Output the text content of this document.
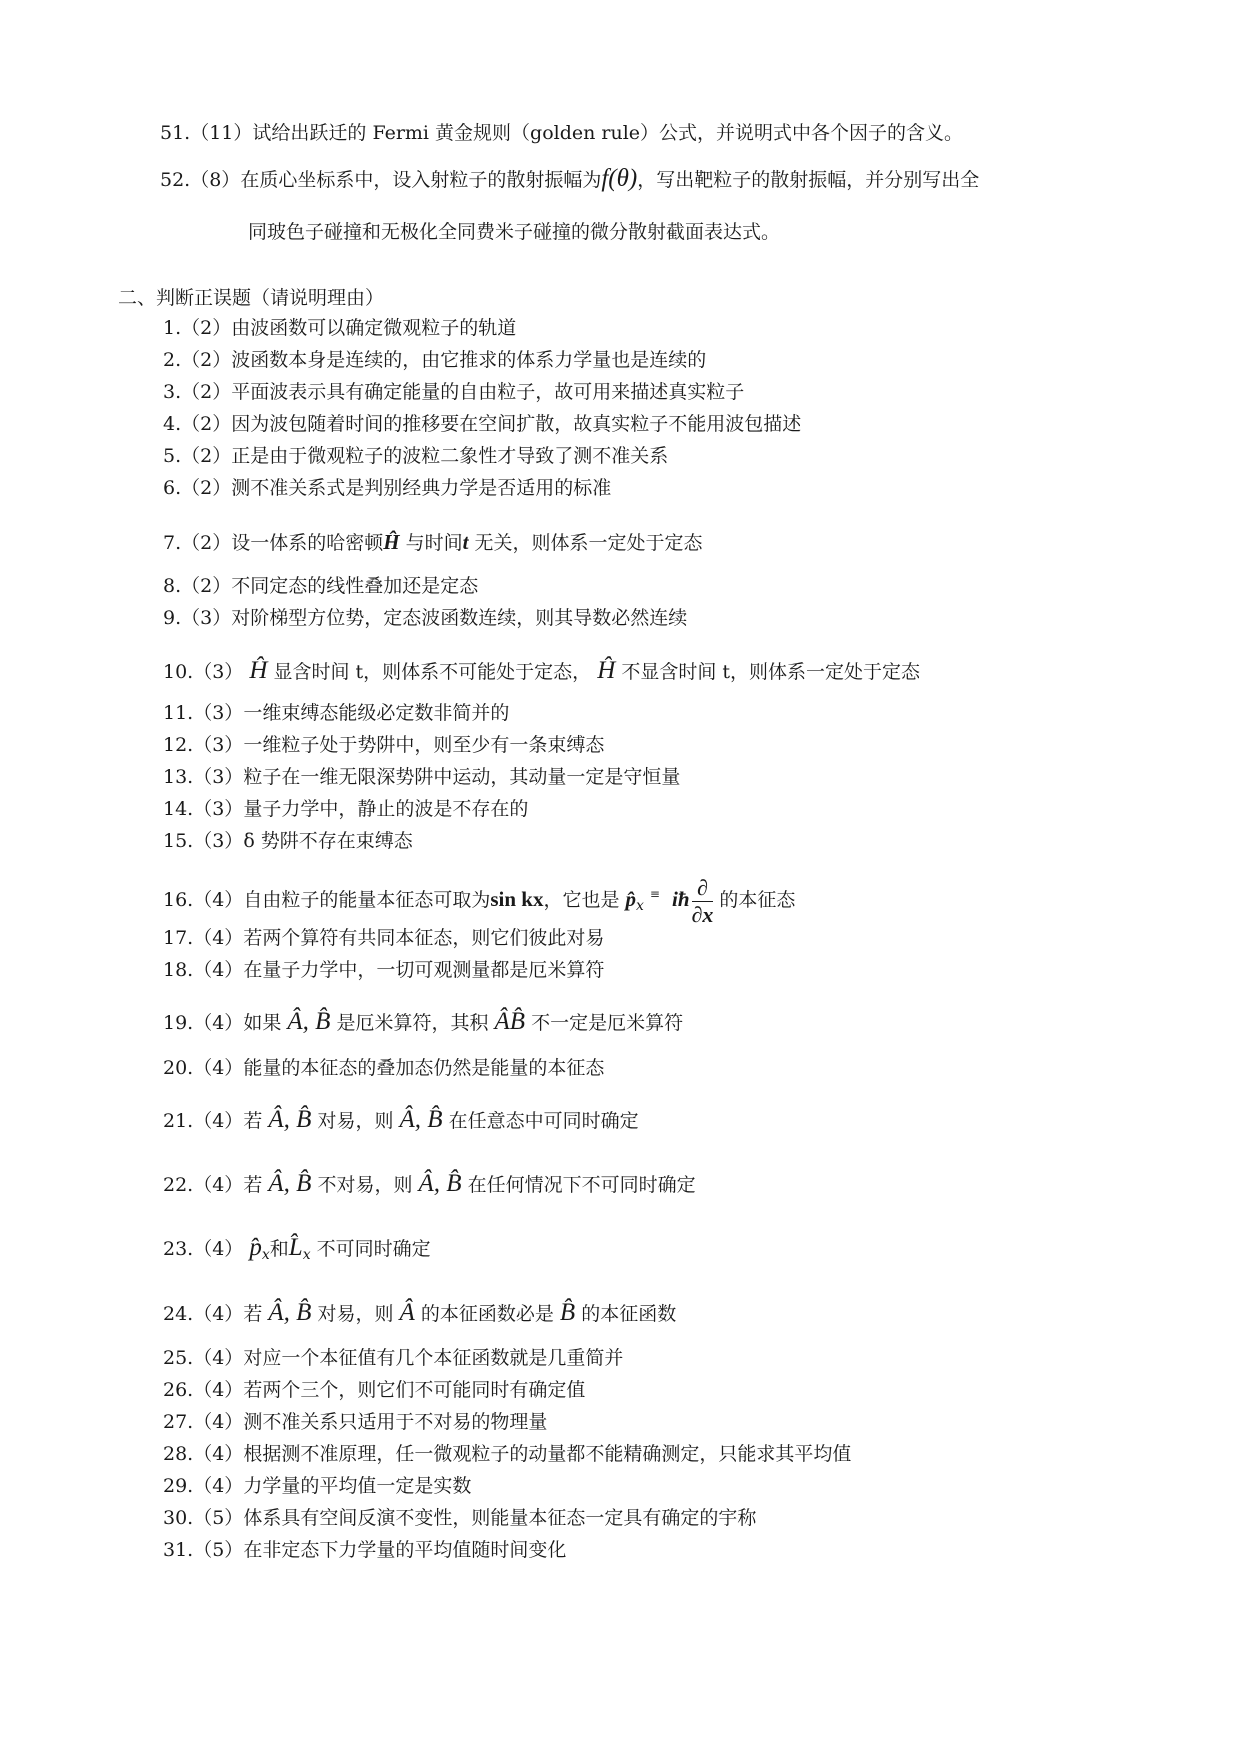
51.（11）试给出跃迁的 Fermi 黄金规则（golden rule）公式，并说明式中各个因子的含义。
52.（8）在质心坐标系中，设入射粒子的散射振幅为f(θ)，写出靶粒子的散射振幅，并分别写出全
同玻色子碰撞和无极化全同费米子碰撞的微分散射截面表达式。
二、判断正误题（请说明理由）
1.（2）由波函数可以确定微观粒子的轨道
2.（2）波函数本身是连续的，由它推求的体系力学量也是连续的
3.（2）平面波表示具有确定能量的自由粒子，故可用来描述真实粒子
4.（2）因为波包随着时间的推移要在空间扩散，故真实粒子不能用波包描述
5.（2）正是由于微观粒子的波粒二象性才导致了测不准关系
6.（2）测不准关系式是判别经典力学是否适用的标准
7.（2）设一体系的哈密顿Ĥ 与时间t 无关，则体系一定处于定态
8.（2）不同定态的线性叠加还是定态
9.（3）对阶梯型方位势，定态波函数连续，则其导数必然连续
10.（3） Ĥ 显含时间 t，则体系不可能处于定态， Ĥ 不显含时间 t，则体系一定处于定态
11.（3）一维束缚态能级必定数非简并的
12.（3）一维粒子处于势阱中，则至少有一条束缚态
13.（3）粒子在一维无限深势阱中运动，其动量一定是守恒量
14.（3）量子力学中，静止的波是不存在的
15.（3）δ 势阱不存在束缚态
16.（4）自由粒子的能量本征态可取为sin kx，它也是 $p̂_x^\equiv$ iħ $\frac{\partial}{\partial x}$ 的本征态
17.（4）若两个算符有共同本征态，则它们彼此对易
18.（4）在量子力学中，一切可观测量都是厄米算符
19.（4）如果 Â, B̂ 是厄米算符，其积 ÂB̂ 不一定是厄米算符
20.（4）能量的本征态的叠加态仍然是能量的本征态
21.（4）若 Â, B̂ 对易，则 Â, B̂ 在任意态中可同时确定
22.（4）若 Â, B̂ 不对易，则 Â, B̂ 在任何情况下不可同时确定
23.（4） $p̂_x$和$L̂_x$ 不可同时确定
24.（4）若 Â, B̂ 对易，则 Â 的本征函数必是 B̂ 的本征函数
25.（4）对应一个本征值有几个本征函数就是几重简并
26.（4）若两个三个，则它们不可能同时有确定值
27.（4）测不准关系只适用于不对易的物理量
28.（4）根据测不准原理，任一微观粒子的动量都不能精确测定，只能求其平均值
29.（4）力学量的平均值一定是实数
30.（5）体系具有空间反演不变性，则能量本征态一定具有确定的宇称
31.（5）在非定态下力学量的平均值随时间变化
